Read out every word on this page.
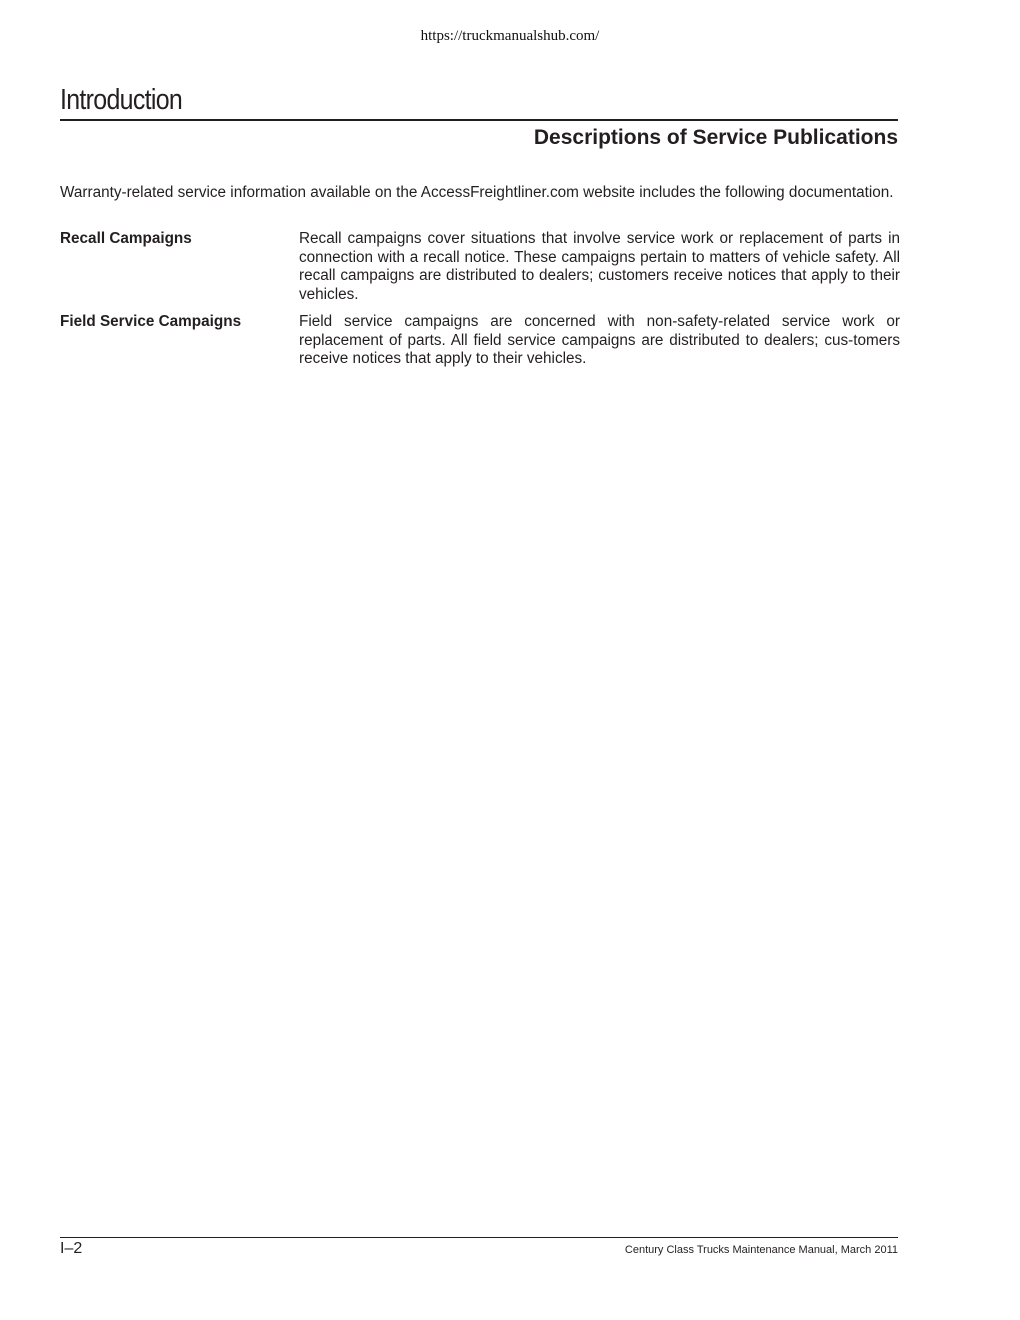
https://truckmanualshub.com/
Introduction
Descriptions of Service Publications

Warranty-related service information available on the AccessFreightliner.com website includes the following documentation.

Recall Campaigns	Recall campaigns cover situations that involve service work or replacement of parts in connection with a recall notice. These campaigns pertain to matters of vehicle safety. All recall campaigns are distributed to dealers; customers receive notices that apply to their vehicles.
Field Service Campaigns	Field service campaigns are concerned with non-safety-related service work or replacement of parts. All field service campaigns are distributed to dealers; cus-tomers receive notices that apply to their vehicles.
I–2	Century Class Trucks Maintenance Manual, March 2011
